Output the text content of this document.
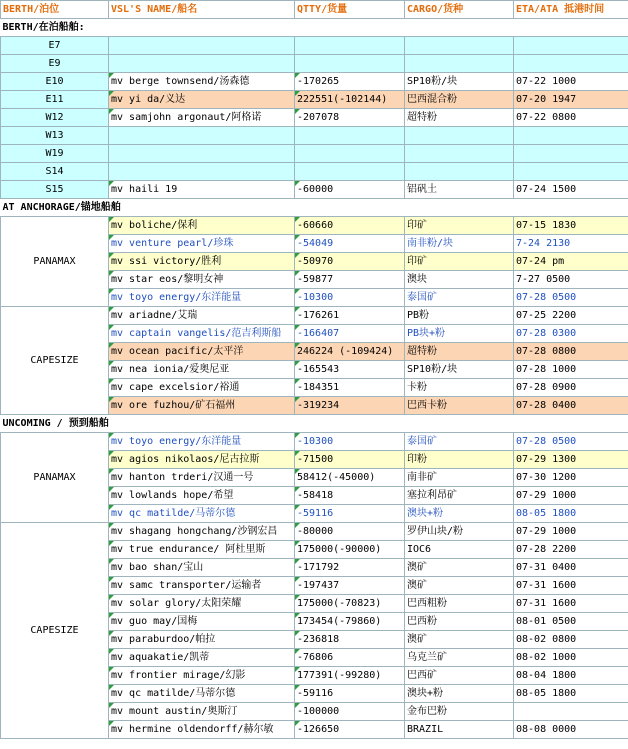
BERTH/泊位	VSL'S NAME/船名	QTTY/货量	CARGO/货种	ETA/ATA 抵港时间
BERTH/在泊船舶:				
E7				
E9				
E10	mv berge townsend/汤森德	-170265	SP10粉/块	07-22 1000
E11	mv yi da/义达	222551(-102144)	巴西混合粉	07-20 1947
W12	mv samjohn argonaut/阿格诺	-207078	超特粉	07-22 0800
W13				
W19				
S14				
S15	mv haili 19	-60000	铝矾土	07-24 1500
AT ANCHORAGE/锚地船舶				
PANAMAX	mv boliche/保利	-60660	印矿	07-15 1830
	mv venture pearl/珍珠	-54049	南非粉/块	7-24 2130
	mv ssi victory/胜利	-50970	印矿	07-24 pm
	mv star eos/黎明女神	-59877	澳块	7-27 0500
	mv toyo energy/东洋能量	-10300	泰国矿	07-28 0500
CAPESIZE	mv ariadne/艾瑞	-176261	PB粉	07-25 2200
	mv captain vangelis/范吉利斯船	-166407	PB块+粉	07-28 0300
	mv ocean pacific/太平洋	246224 (-109424)	超特粉	07-28 0800
	mv nea ionia/爱奥尼亚	-165543	SP10粉/块	07-28 1000
	mv cape excelsior/裕通	-184351	卡粉	07-28 0900
	mv ore fuzhou/矿石福州	-319234	巴西卡粉	07-28 0400
UNCOMING / 预到船舶				
PANAMAX	mv toyo energy/东洋能量	-10300	泰国矿	07-28 0500
	mv agios nikolaos/尼古拉斯	-71500	印粉	07-29 1300
	mv hanton trderi/汉通一号	58412(-45000)	南非矿	07-30 1200
	mv lowlands hope/希望	-58418	塞拉利昂矿	07-29 1000
	mv qc matilde/马蒂尔德	-59116	澳块+粉	08-05 1800
CAPESIZE	mv shagang hongchang/沙钢宏昌	-80000	罗伊山块/粉	07-29 1000
	mv true endurance/ 阿杜里斯	175000(-90000)	IOC6	07-28 2200
	mv bao shan/宝山	-171792	澳矿	07-31 0400
	mv samc transporter/运输者	-197437	澳矿	07-31 1600
	mv solar glory/太阳荣耀	175000(-70823)	巴西粗粉	07-31 1600
	mv guo may/国梅	173454(-79860)	巴西粉	08-01 0500
	mv paraburdoo/帕拉	-236818	澳矿	08-02 0800
	mv aquakatie/凯蒂	-76806	乌克兰矿	08-02 1000
	mv frontier mirage/幻影	177391(-99280)	巴西矿	08-04 1800
	mv qc matilde/马蒂尔德	-59116	澳块+粉	08-05 1800
	mv mount austin/奥斯汀	-100000	金布巴粉	
	mv hermine oldendorff/赫尔敏	-126650	BRAZIL	08-08 0000
